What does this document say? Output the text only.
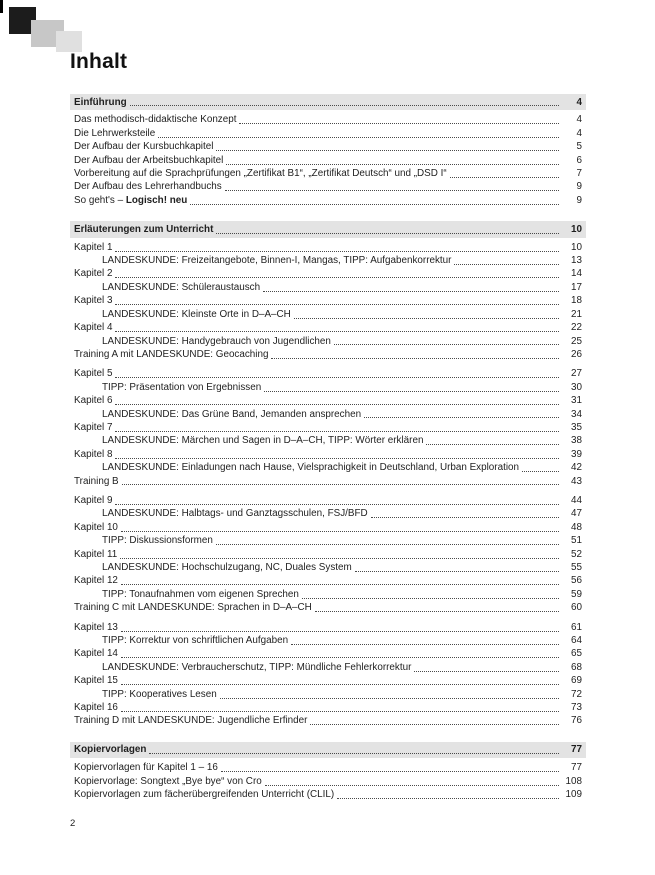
Inhalt
Einführung	4
Das methodisch-didaktische Konzept	4
Die Lehrwerksteile	4
Der Aufbau der Kursbuchkapitel	5
Der Aufbau der Arbeitsbuchkapitel	6
Vorbereitung auf die Sprachprüfungen „Zertifikat B1“, „Zertifikat Deutsch“ und „DSD I“	7
Der Aufbau des Lehrerhandbuchs	9
So geht's – Logisch! neu	9
Erläuterungen zum Unterricht	10
Kapitel 1	10
LANDESKUNDE: Freizeitangebote, Binnen-I, Mangas, TIPP: Aufgabenkorrektur	13
Kapitel 2	14
LANDESKUNDE: Schüleraustausch	17
Kapitel 3	18
LANDESKUNDE: Kleinste Orte in D–A–CH	21
Kapitel 4	22
LANDESKUNDE: Handygebrauch von Jugendlichen	25
Training A mit LANDESKUNDE: Geocaching	26
Kapitel 5	27
TIPP: Präsentation von Ergebnissen	30
Kapitel 6	31
LANDESKUNDE: Das Grüne Band, Jemanden ansprechen	34
Kapitel 7	35
LANDESKUNDE: Märchen und Sagen in D–A–CH, TIPP: Wörter erklären	38
Kapitel 8	39
LANDESKUNDE: Einladungen nach Hause, Vielsprachigkeit in Deutschland, Urban Exploration	42
Training B	43
Kapitel 9	44
LANDESKUNDE: Halbtags- und Ganztagsschulen, FSJ/BFD	47
Kapitel 10	48
TIPP: Diskussionsformen	51
Kapitel 11	52
LANDESKUNDE: Hochschulzugang, NC, Duales System	55
Kapitel 12	56
TIPP: Tonaufnahmen vom eigenen Sprechen	59
Training C mit LANDESKUNDE: Sprachen in D–A–CH	60
Kapitel 13	61
TIPP: Korrektur von schriftlichen Aufgaben	64
Kapitel 14	65
LANDESKUNDE: Verbraucherschutz, TIPP: Mündliche Fehlerkorrektur	68
Kapitel 15	69
TIPP: Kooperatives Lesen	72
Kapitel 16	73
Training D mit LANDESKUNDE: Jugendliche Erfinder	76
Kopiervorlagen	77
Kopiervorlagen für Kapitel 1 – 16	77
Kopiervorlage: Songtext „Bye bye“ von Cro	108
Kopiervorlagen zum fächerübergreifenden Unterricht (CLIL)	109
2
